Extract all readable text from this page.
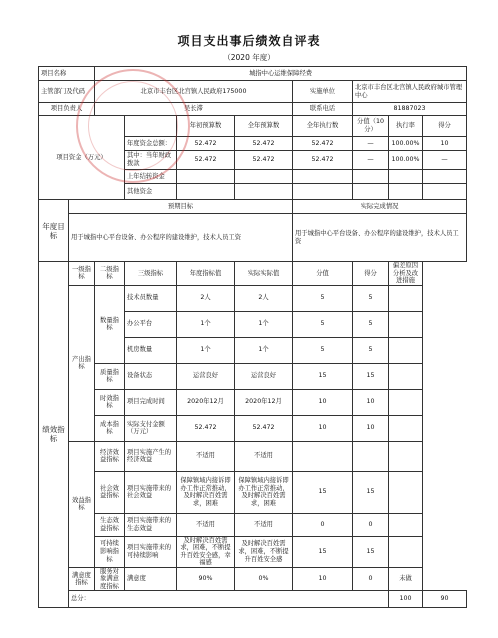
项目支出事后绩效自评表
（2020 年度）
项目名称		城指中心运维保障经费								
主管部门及代码		北京市丰台区北宫镇人民政府175000				实施单位	北京市丰台区北宫镇人民政府城市管理中心			
项目负责人		吴长滞				联系电话	81887023			
项目资金（万元）				年初预算数	全年预算数	全年执行数	分值（10分）	执行率	得分	
			年度资金总额：	52.472	52.472	52.472	—	100.00%	10	
			其中：当年财政拨款	52.472	52.472	52.472	—	100.00%	—	
			上年结转资金							
			其他资金							
年度目标	预期目标					实际完成情况				
	用于城指中心平台设备、办公程序的建设维护，技术人员工资					用于城指中心平台设备、办公程序的建设维护，技术人员工资				
绩效指标	一级指标	二级指标	三级指标	年度指标值	实际实际值	分值	得分	偏差原因分析及改进措施		
	产出指标	数量指标	技术员数量	2人	2人	5	5			
			办公平台	1个	1个	5	5			
			机房数量	1个	1个	5	5			
		质量指标	设备状态	运营良好	运营良好	15	15			
		时效指标	项目完成时间	2020年12月	2020年12月	10	10			
		成本指标	实际支付金额（万元）	52.472	52.472	10	10			
	效益指标	经济效益指标	项目实施产生的经济效益	不适用	不适用					
		社会效益指标	项目实施带来的社会效益	保障镇域内接诉即办工作正常推动，及时解决百姓需求，困难	保障镇域内接诉即办工作正常推动，及时解决百姓需求，困难	15	15			
		生态效益指标	项目实施带来的生态效益	不适用	不适用	0	0			
		可持续影响指标	项目实施带来的可持续影响	及时解决百姓需求，困难，不断提升百姓安全感，幸福感	及时解决百姓需求，困难，不断提升百姓安全感	15	15			
	满意度指标	服务对象满意度指标	满意度	90%	0%	10	0	未做		
	总分：							100	90	
